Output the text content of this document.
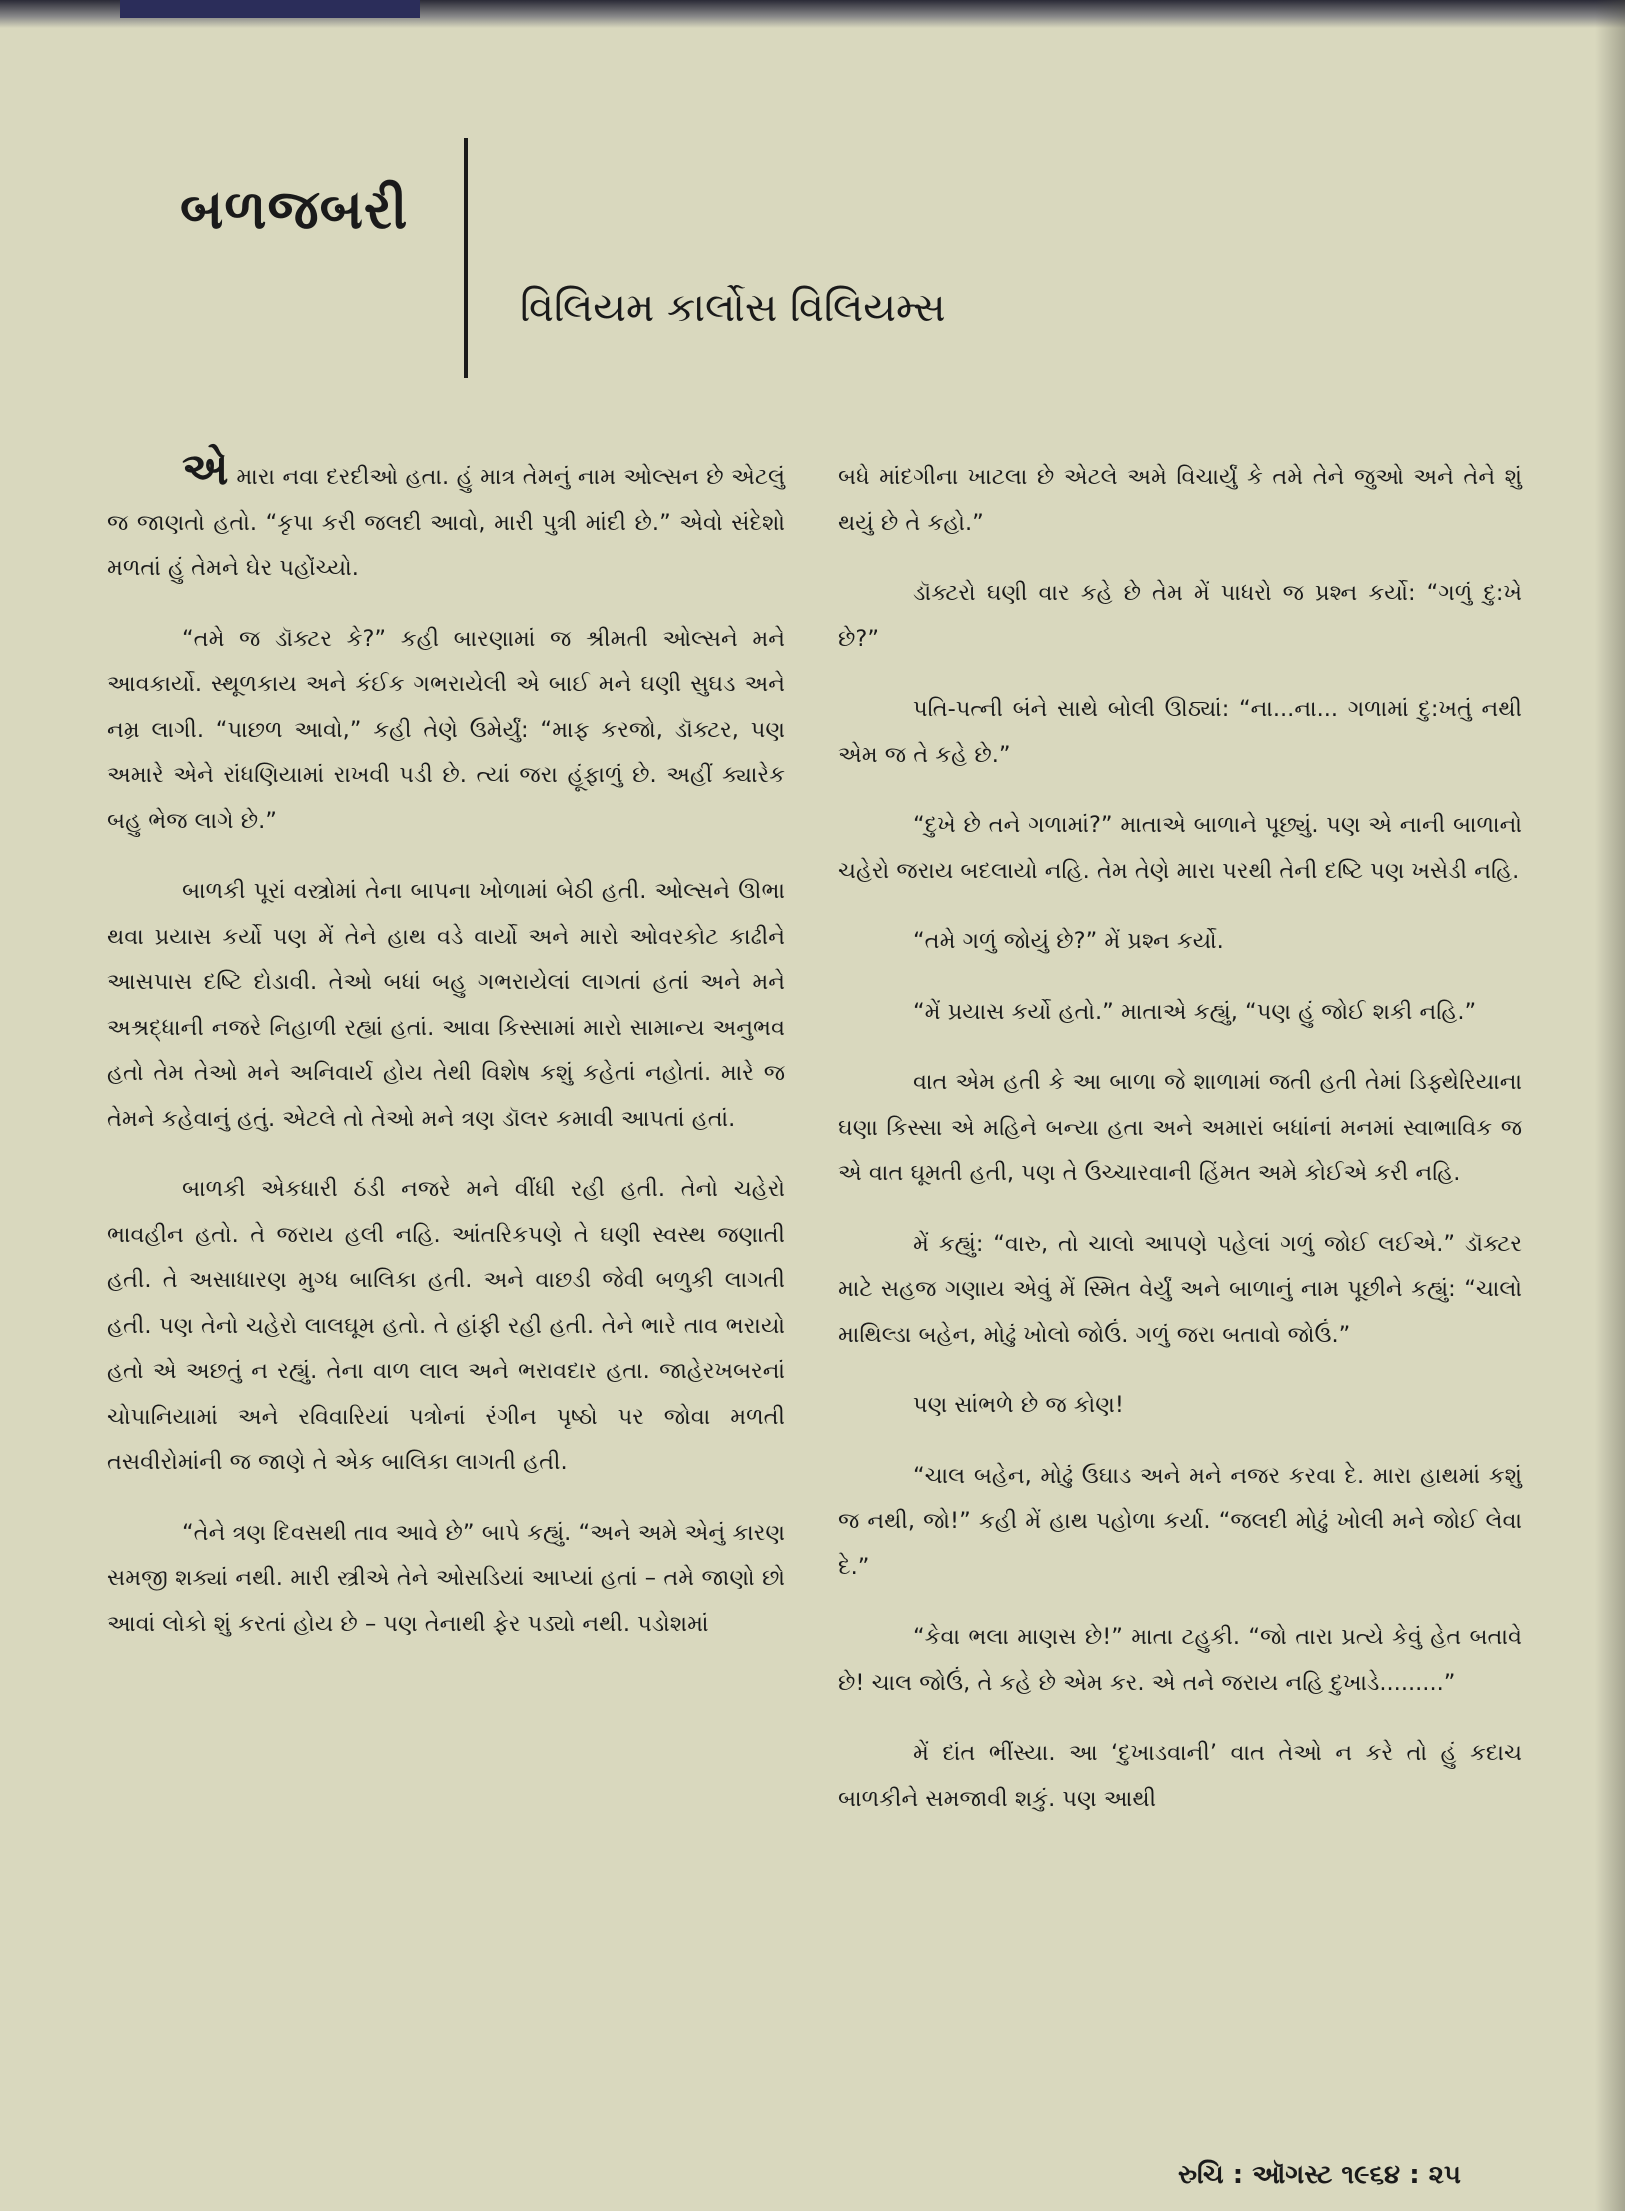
બળજબરી
વિલિયમ કાર્લોસ વિલિયમ્સ

એમારા નવા દરદીઓ હતા. હું માત્ર તેમનું નામ ઓલ્સન છે એટલું જ જાણતો હતો. “કૃપા કરી જલદી આવો, મારી પુત્રી માંદી છે.” એવો સંદેશો મળતાં હું તેમને ઘેર પહોંચ્યો.

“તમે જ ડૉક્ટર કે?” કહી બારણામાં જ શ્રીમતી ઓલ્સને મને આવકાર્યો. સ્થૂળકાય અને કંઈક ગભરાયેલી એ બાઈ મને ઘણી સુઘડ અને નમ્ર લાગી. “પાછળ આવો,” કહી તેણે ઉમેર્યું: “માફ કરજો, ડૉક્ટર, પણ અમારે એને રાંધણિયામાં રાખવી પડી છે. ત્યાં જરા હૂંફાળું છે. અહીં ક્યારેક બહુ ભેજ લાગે છે.”

બાળકી પૂરાં વસ્ત્રોમાં તેના બાપના ખોળામાં બેઠી હતી. ઓલ્સને ઊભા થવા પ્રયાસ કર્યો પણ મેં તેને હાથ વડે વાર્યો અને મારો ઓવરકોટ કાઢીને આસપાસ દષ્ટિ દોડાવી. તેઓ બધાં બહુ ગભરાયેલાં લાગતાં હતાં અને મને અશ્રદ્ધાની નજરે નિહાળી રહ્યાં હતાં. આવા કિસ્સામાં મારો સામાન્ય અનુભવ હતો તેમ તેઓ મને અનિવાર્ય હોય તેથી વિશેષ કશું કહેતાં નહોતાં. મારે જ તેમને કહેવાનું હતું. એટલે તો તેઓ મને ત્રણ ડૉલર કમાવી આપતાં હતાં.

બાળકી એકધારી ઠંડી નજરે મને વીંધી રહી હતી. તેનો ચહેરો ભાવહીન હતો. તે જરાય હલી નહિ. આંતરિકપણે તે ઘણી સ્વસ્થ જણાતી હતી. તે અસાધારણ મુગ્ધ બાલિકા હતી. અને વાછડી જેવી બળુકી લાગતી હતી. પણ તેનો ચહેરો લાલઘૂમ હતો. તે હાંફી રહી હતી. તેને ભારે તાવ ભરાયો હતો એ અછતું ન રહ્યું. તેના વાળ લાલ અને ભરાવદાર હતા. જાહેરખબરનાં ચોપાનિયામાં અને રવિવારિયાં પત્રોનાં રંગીન પૃષ્ઠો પર જોવા મળતી તસવીરોમાંની જ જાણે તે એક બાલિકા લાગતી હતી.

“તેને ત્રણ દિવસથી તાવ આવે છે” બાપે કહ્યું. “અને અમે એનું કારણ સમજી શક્યાં નથી. મારી સ્ત્રીએ તેને ઓસડિયાં આપ્યાં હતાં – તમે જાણો છો આવાં લોકો શું કરતાં હોય છે – પણ તેનાથી ફેર પડ્યો નથી. પડોશમાં

બધે માંદગીના ખાટલા છે એટલે અમે વિચાર્યું કે તમે તેને જુઓ અને તેને શું થયું છે તે કહો.”

ડૉક્ટરો ઘણી વાર કહે છે તેમ મેં પાધરો જ પ્રશ્ન કર્યો: “ગળું દુ:ખે છે?”

પતિ-પત્ની બંને સાથે બોલી ઊઠ્યાં: “ના...ના... ગળામાં દુ:ખતું નથી એમ જ તે કહે છે.”

“દુખે છે તને ગળામાં?” માતાએ બાળાને પૂછ્યું. પણ એ નાની બાળાનો ચહેરો જરાય બદલાયો નહિ. તેમ તેણે મારા પરથી તેની દષ્ટિ પણ ખસેડી નહિ.

“તમે ગળું જોયું છે?” મેં પ્રશ્ન કર્યો.

“મેં પ્રયાસ કર્યો હતો.” માતાએ કહ્યું, “પણ હું જોઈ શકી નહિ.”

વાત એમ હતી કે આ બાળા જે શાળામાં જતી હતી તેમાં ડિફ્થેરિયાના ઘણા કિસ્સા એ મહિને બન્યા હતા અને અમારાં બધાંનાં મનમાં સ્વાભાવિક જ એ વાત ઘૂમતી હતી, પણ તે ઉચ્ચારવાની હિંમત અમે કોઈએ કરી નહિ.

મેં કહ્યું: “વારુ, તો ચાલો આપણે પહેલાં ગળું જોઈ લઈએ.” ડૉક્ટર માટે સહજ ગણાય એવું મેં સ્મિત વેર્યું અને બાળાનું નામ પૂછીને કહ્યું: “ચાલો માથિલ્ડા બહેન, મોઢું ખોલો જોઉં. ગળું જરા બતાવો જોઉં.”

પણ સાંભળે છે જ કોણ!

“ચાલ બહેન, મોઢું ઉઘાડ અને મને નજર કરવા દે. મારા હાથમાં કશું જ નથી, જો!” કહી મેં હાથ પહોળા કર્યા. “જલદી મોઢું ખોલી મને જોઈ લેવા દે.”

“કેવા ભલા માણસ છે!” માતા ટહુકી. “જો તારા પ્રત્યે કેવું હેત બતાવે છે! ચાલ જોઉં, તે કહે છે એમ કર. એ તને જરાય નહિ દુખાડે.........”

મેં દાંત ભીંસ્યા. આ ‘દુખાડવાની’ વાત તેઓ ન કરે તો હું કદાચ બાળકીને સમજાવી શકું. પણ આથી

રુચિ : ઑગસ્ટ ૧૯૬૪ : ૨૫
